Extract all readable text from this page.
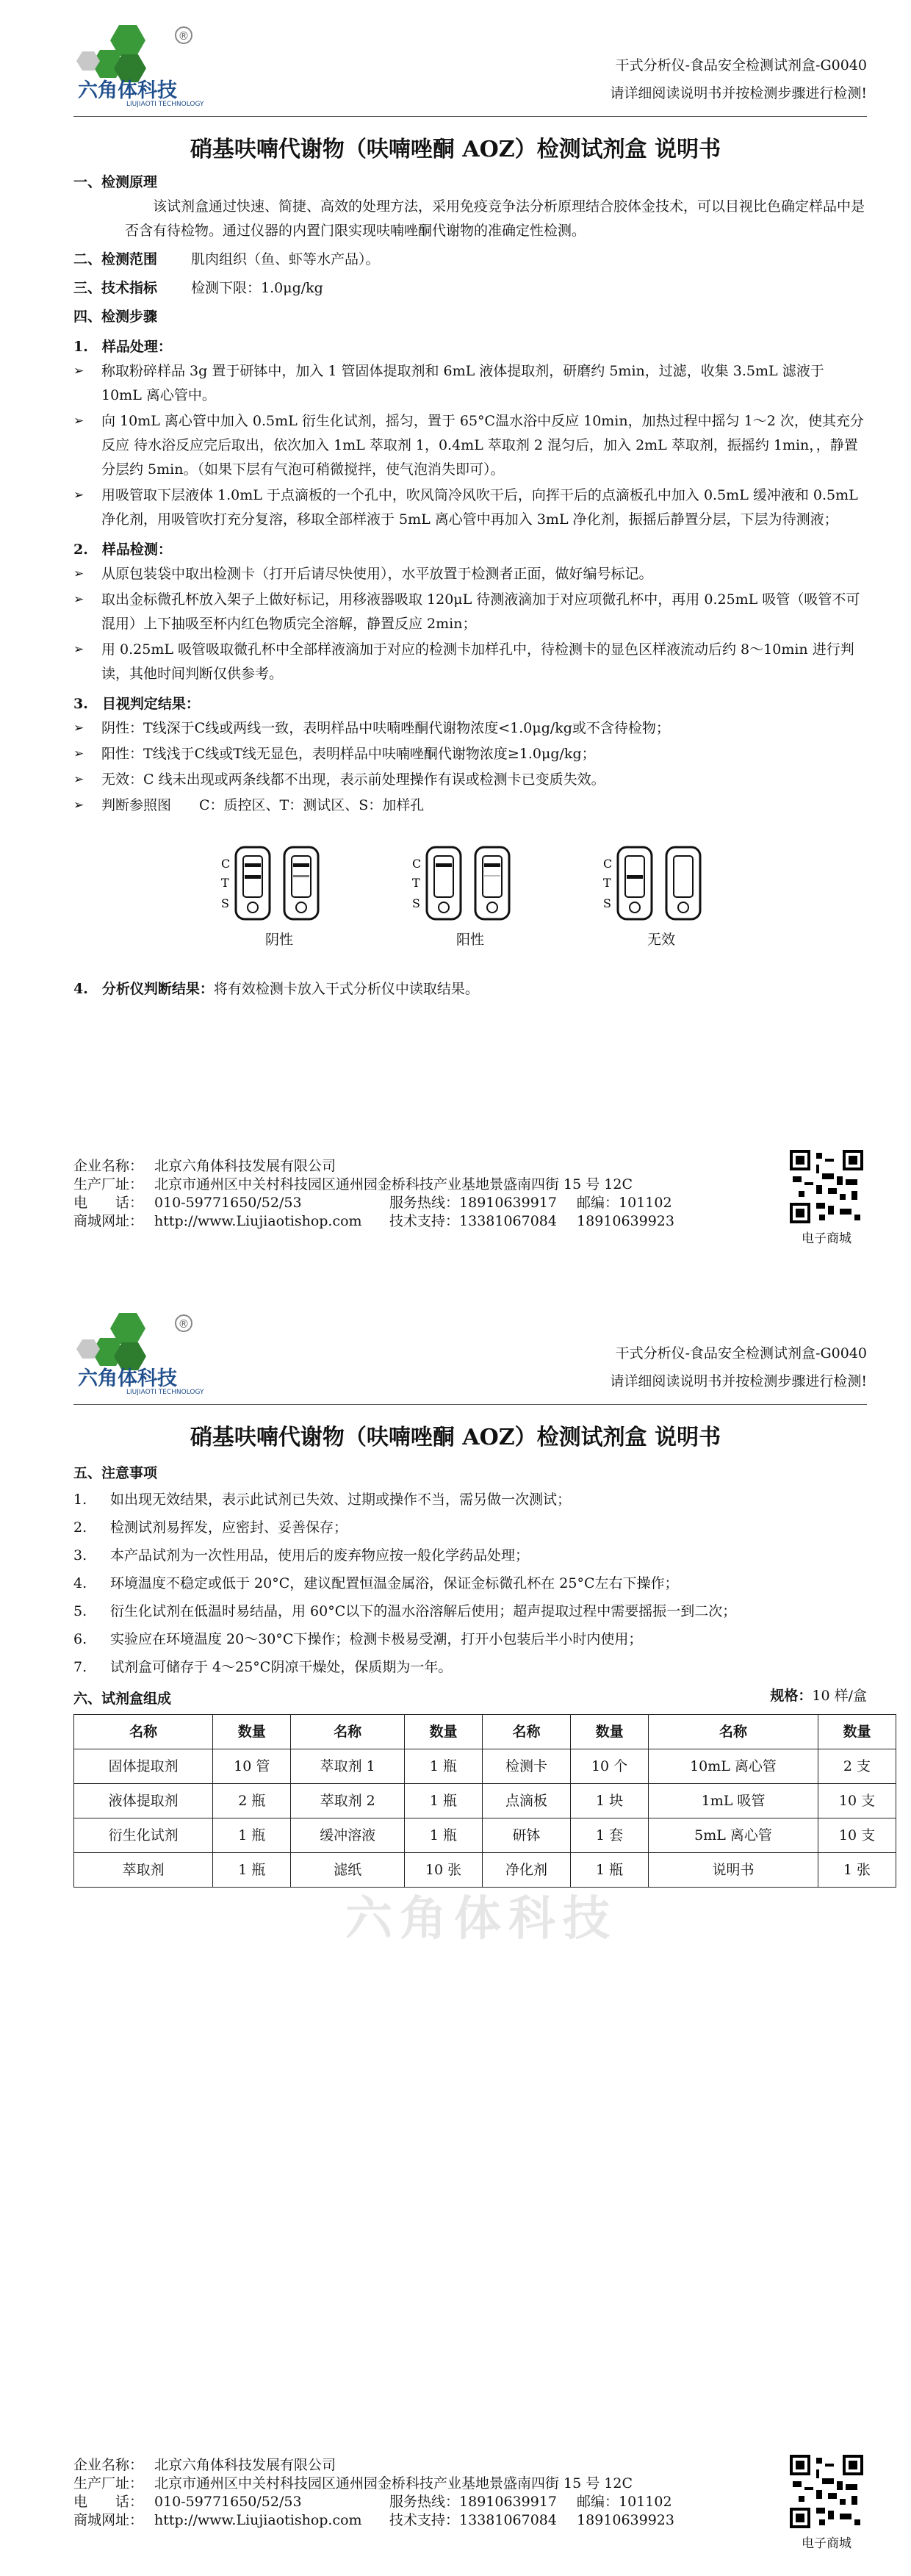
®
六角体科技
LIUJIAOTI TECHNOLOGY
干式分析仪-食品安全检测试剂盒-G0040
请详细阅读说明书并按检测步骤进行检测!
硝基呋喃代谢物（呋喃唑酮 AOZ）检测试剂盒 说明书
一、检测原理

该试剂盒通过快速、简捷、高效的处理方法，采用免疫竞争法分析原理结合胶体金技术，可以目视比色确定样品中是否含有待检物。通过仪器的内置门限实现呋喃唑酮代谢物的准确定性检测。

二、检测范围	肌肉组织（鱼、虾等水产品）。
三、技术指标	检测下限：1.0μg/kg
四、检测步骤
1.　样品处理：
➢	称取粉碎样品 3g 置于研钵中，加入 1 管固体提取剂和 6mL 液体提取剂，研磨约 5min，过滤，收集 3.5mL 滤液于 10mL 离心管中。
➢	向 10mL 离心管中加入 0.5mL 衍生化试剂，摇匀，置于 65°C温水浴中反应 10min，加热过程中摇匀 1～2 次，使其充分反应 待水浴反应完后取出，依次加入 1mL 萃取剂 1，0.4mL 萃取剂 2 混匀后，加入 2mL 萃取剂，振摇约 1min，，静置分层约 5min。（如果下层有气泡可稍微搅拌，使气泡消失即可）。
➢	用吸管取下层液体 1.0mL 于点滴板的一个孔中，吹风筒冷风吹干后，向挥干后的点滴板孔中加入 0.5mL 缓冲液和 0.5mL 净化剂，用吸管吹打充分复溶，移取全部样液于 5mL 离心管中再加入 3mL 净化剂，振摇后静置分层，下层为待测液；
2.　样品检测：
➢	从原包装袋中取出检测卡（打开后请尽快使用），水平放置于检测者正面，做好编号标记。
➢	取出金标微孔杯放入架子上做好标记，用移液器吸取 120μL 待测液滴加于对应项微孔杯中，再用 0.25mL 吸管（吸管不可混用）上下抽吸至杯内红色物质完全溶解，静置反应 2min；
➢	用 0.25mL 吸管吸取微孔杯中全部样液滴加于对应的检测卡加样孔中，待检测卡的显色区样液流动后约 8～10min 进行判读，其他时间判断仅供参考。
3.　目视判定结果：
➢	阴性：T线深于C线或两线一致，表明样品中呋喃唑酮代谢物浓度<1.0μg/kg或不含待检物；
➢	阳性：T线浅于C线或T线无显色，表明样品中呋喃唑酮代谢物浓度≥1.0μg/kg；
➢	无效：C 线未出现或两条线都不出现，表示前处理操作有误或检测卡已变质失效。
➢	判断参照图　　C：质控区、T：测试区、S：加样孔
C
T
S
阴性
C
T
S
阳性
C
T
S
无效
4.　分析仪判断结果：将有效检测卡放入干式分析仪中读取结果。
企业名称： 北京六角体科技发展有限公司
生产厂址： 北京市通州区中关村科技园区通州园金桥科技产业基地景盛南四街 15 号 12C
电　　话： 010-59771650/52/53	服务热线： 18910639917	邮编： 101102
商城网址： http://www.Liujiaotishop.com	技术支持： 13381067084	18910639923
电子商城
®
六角体科技
LIUJIAOTI TECHNOLOGY
干式分析仪-食品安全检测试剂盒-G0040
请详细阅读说明书并按检测步骤进行检测!
硝基呋喃代谢物（呋喃唑酮 AOZ）检测试剂盒 说明书
五、注意事项
1.	如出现无效结果，表示此试剂已失效、过期或操作不当，需另做一次测试；
2.	检测试剂易挥发，应密封、妥善保存；
3.	本产品试剂为一次性用品，使用后的废弃物应按一般化学药品处理；
4.	环境温度不稳定或低于 20°C，建议配置恒温金属浴，保证金标微孔杯在 25°C左右下操作；
5.	衍生化试剂在低温时易结晶，用 60°C以下的温水浴溶解后使用；超声提取过程中需要摇振一到二次；
6.	实验应在环境温度 20～30°C下操作；检测卡极易受潮，打开小包装后半小时内使用；
7.	试剂盒可储存于 4～25°C阴凉干燥处，保质期为一年。
六、试剂盒组成	规格：10 样/盒
名称	数量	名称	数量	名称	数量	名称	数量
固体提取剂	10 管	萃取剂 1	1 瓶	检测卡	10 个	10mL 离心管	2 支
液体提取剂	2 瓶	萃取剂 2	1 瓶	点滴板	1 块	1mL 吸管	10 支
衍生化试剂	1 瓶	缓冲溶液	1 瓶	研钵	1 套	5mL 离心管	10 支
萃取剂	1 瓶	滤纸	10 张	净化剂	1 瓶	说明书	1 张
企业名称： 北京六角体科技发展有限公司
生产厂址： 北京市通州区中关村科技园区通州园金桥科技产业基地景盛南四街 15 号 12C
电　　话： 010-59771650/52/53	服务热线： 18910639917	邮编： 101102
商城网址： http://www.Liujiaotishop.com	技术支持： 13381067084	18910639923
电子商城
六角体科技
